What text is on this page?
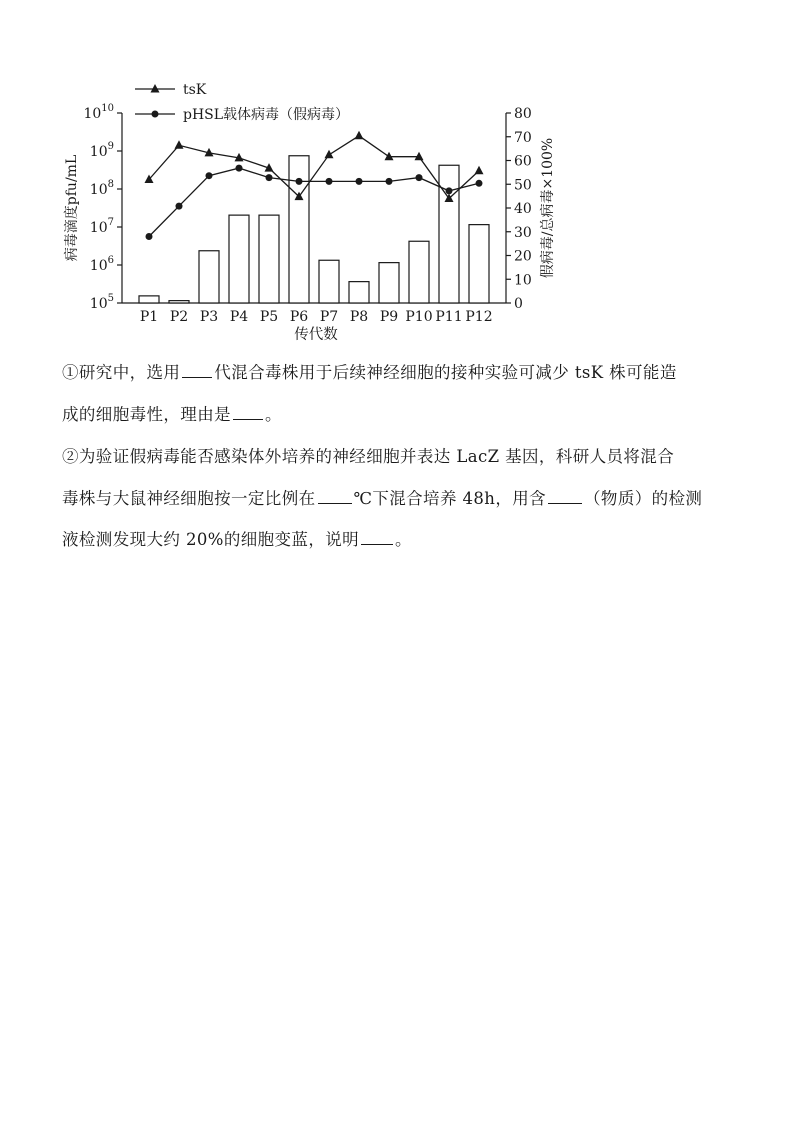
$10^5$
$10^6$
$10^7$
$10^8$
$10^9$
$10^{10}$
0
10
20
30
40
50
60
70
80
P1 P2 P3 P4 P5 P6 P7 P8 P9 P10 P11 P12
病毒滴度pfu/mL	假病毒/总病毒×100%
传代数
tsK
pHSL载体病毒（假病毒）
①研究中，选用 代混合毒株用于后续神经细胞的接种实验可减少 tsK 株可能造
成的细胞毒性，理由是 。
②为验证假病毒能否感染体外培养的神经细胞并表达 LacZ 基因，科研人员将混合
毒株与大鼠神经细胞按一定比例在 ℃下混合培养 48h，用含 （物质）的检测
液检测发现大约 20%的细胞变蓝，说明 。
